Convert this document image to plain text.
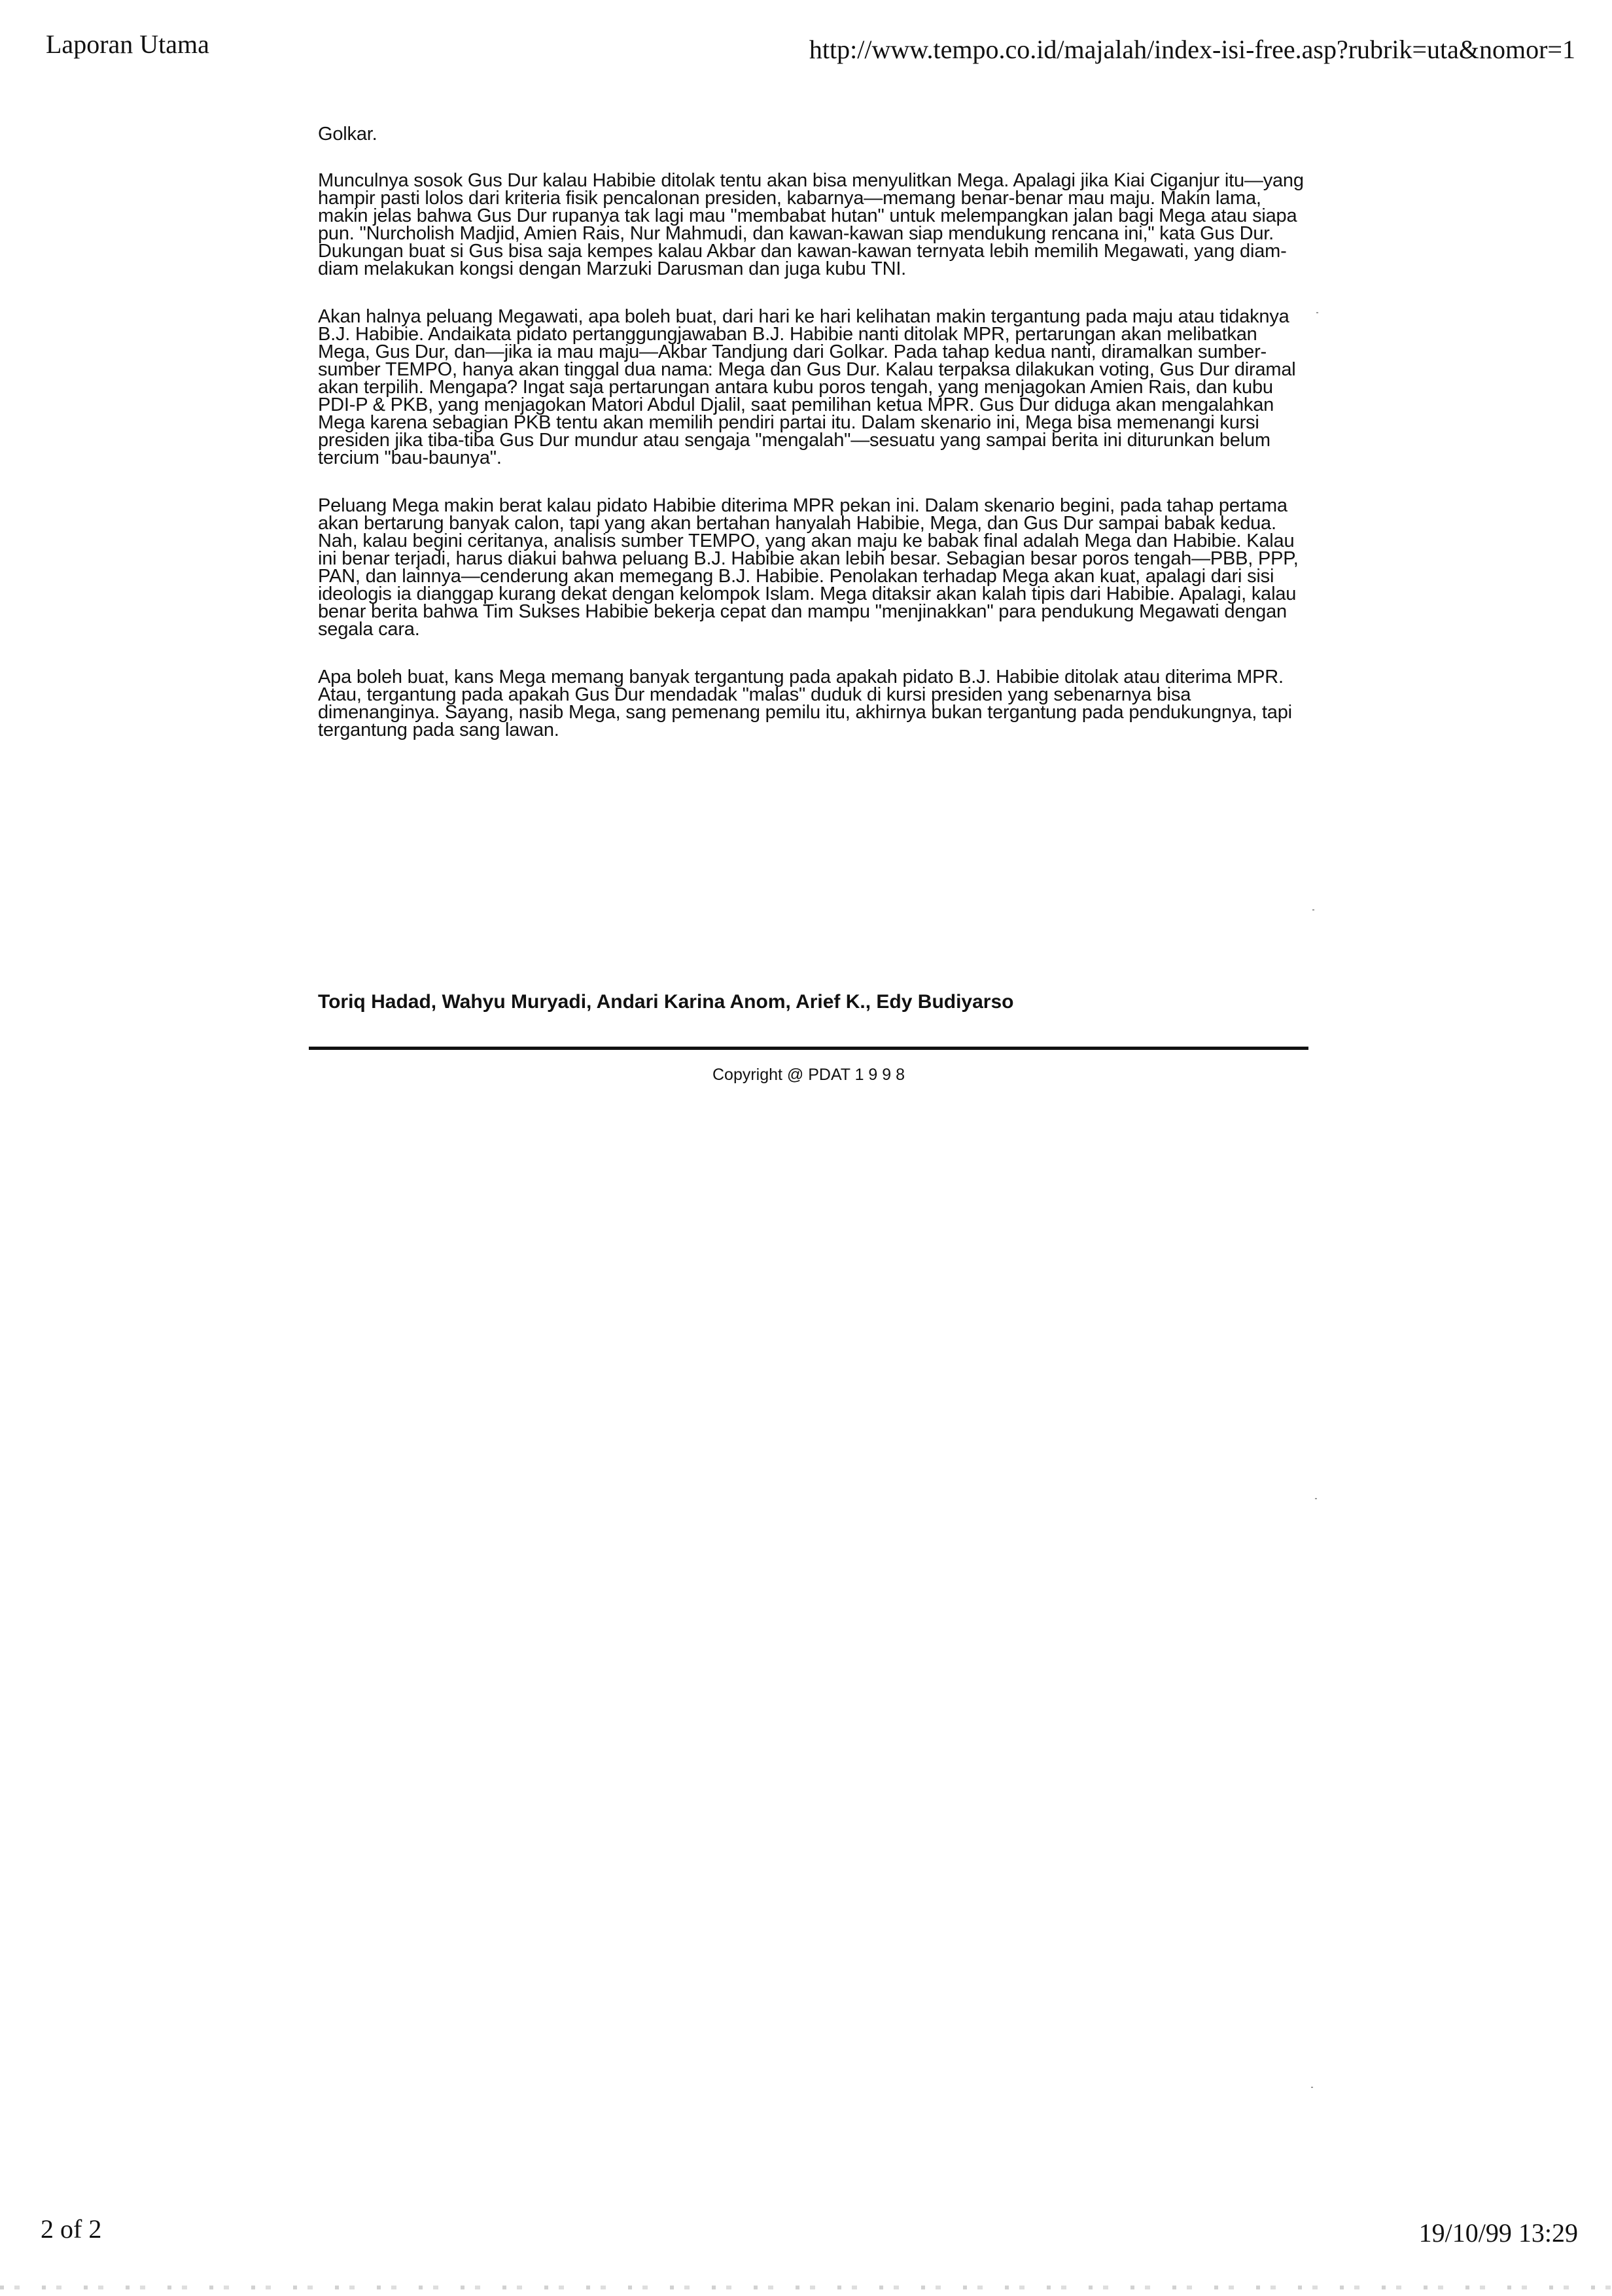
Laporan Utama	http://www.tempo.co.id/majalah/index-isi-free.asp?rubrik=uta&nomor=1

Golkar.

Munculnya sosok Gus Dur kalau Habibie ditolak tentu akan bisa menyulitkan Mega. Apalagi jika Kiai Ciganjur itu—yang hampir pasti lolos dari kriteria fisik pencalonan presiden, kabarnya—memang benar-benar mau maju. Makin lama, makin jelas bahwa Gus Dur rupanya tak lagi mau "membabat hutan" untuk melempangkan jalan bagi Mega atau siapa pun. "Nurcholish Madjid, Amien Rais, Nur Mahmudi, dan kawan-kawan siap mendukung rencana ini," kata Gus Dur. Dukungan buat si Gus bisa saja kempes kalau Akbar dan kawan-kawan ternyata lebih memilih Megawati, yang diam-diam melakukan kongsi dengan Marzuki Darusman dan juga kubu TNI.

Akan halnya peluang Megawati, apa boleh buat, dari hari ke hari kelihatan makin tergantung pada maju atau tidaknya B.J. Habibie. Andaikata pidato pertanggungjawaban B.J. Habibie nanti ditolak MPR, pertarungan akan melibatkan Mega, Gus Dur, dan—jika ia mau maju—Akbar Tandjung dari Golkar. Pada tahap kedua nanti, diramalkan sumber-sumber TEMPO, hanya akan tinggal dua nama: Mega dan Gus Dur. Kalau terpaksa dilakukan voting, Gus Dur diramal akan terpilih. Mengapa? Ingat saja pertarungan antara kubu poros tengah, yang menjagokan Amien Rais, dan kubu PDI-P & PKB, yang menjagokan Matori Abdul Djalil, saat pemilihan ketua MPR. Gus Dur diduga akan mengalahkan Mega karena sebagian PKB tentu akan memilih pendiri partai itu. Dalam skenario ini, Mega bisa memenangi kursi presiden jika tiba-tiba Gus Dur mundur atau sengaja "mengalah"—sesuatu yang sampai berita ini diturunkan belum tercium "bau-baunya".

Peluang Mega makin berat kalau pidato Habibie diterima MPR pekan ini. Dalam skenario begini, pada tahap pertama akan bertarung banyak calon, tapi yang akan bertahan hanyalah Habibie, Mega, dan Gus Dur sampai babak kedua. Nah, kalau begini ceritanya, analisis sumber TEMPO, yang akan maju ke babak final adalah Mega dan Habibie. Kalau ini benar terjadi, harus diakui bahwa peluang B.J. Habibie akan lebih besar. Sebagian besar poros tengah—PBB, PPP, PAN, dan lainnya—cenderung akan memegang B.J. Habibie. Penolakan terhadap Mega akan kuat, apalagi dari sisi ideologis ia dianggap kurang dekat dengan kelompok Islam. Mega ditaksir akan kalah tipis dari Habibie. Apalagi, kalau benar berita bahwa Tim Sukses Habibie bekerja cepat dan mampu "menjinakkan" para pendukung Megawati dengan segala cara.

Apa boleh buat, kans Mega memang banyak tergantung pada apakah pidato B.J. Habibie ditolak atau diterima MPR. Atau, tergantung pada apakah Gus Dur mendadak "malas" duduk di kursi presiden yang sebenarnya bisa dimenanginya. Sayang, nasib Mega, sang pemenang pemilu itu, akhirnya bukan tergantung pada pendukungnya, tapi tergantung pada sang lawan.

Toriq Hadad, Wahyu Muryadi, Andari Karina Anom, Arief K., Edy Budiyarso
Copyright @ PDAT 1 9 9 8
2 of 2	19/10/99 13:29
